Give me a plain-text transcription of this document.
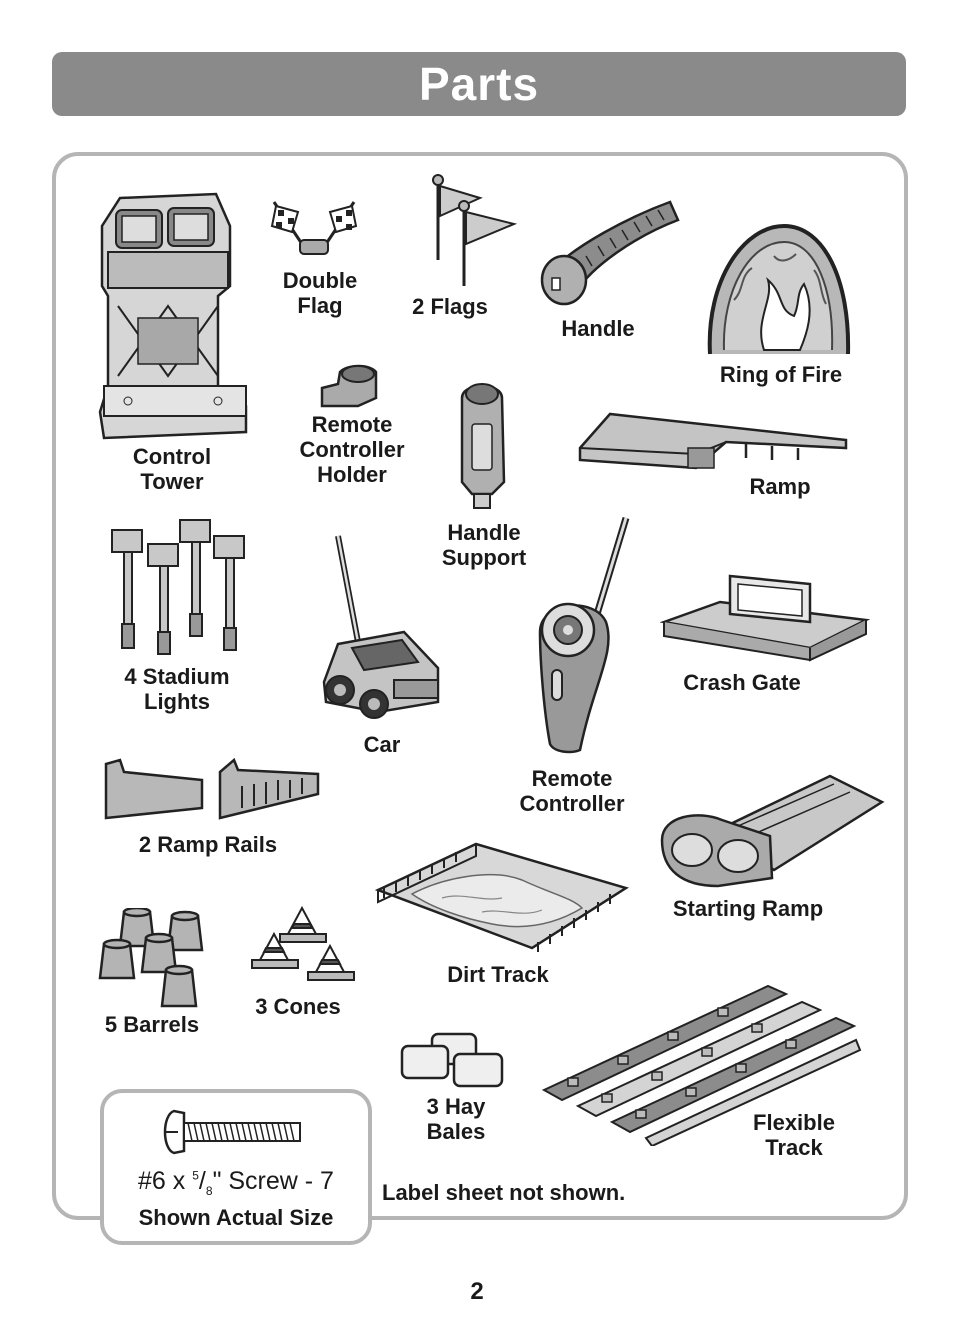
Parts
Control
Tower
Double
Flag	2 Flags
Handle
Ring of Fire
Remote
Controller
Holder
Handle
Support
Ramp
4 Stadium
Lights
Car
Remote
Controller
Crash Gate
2 Ramp Rails
Starting Ramp
Dirt Track
5 Barrels
3 Cones
3 Hay
Bales	Flexible
Track
#6 x $^5/_8$" Screw - 7
Shown Actual Size
Label sheet not shown.
2
